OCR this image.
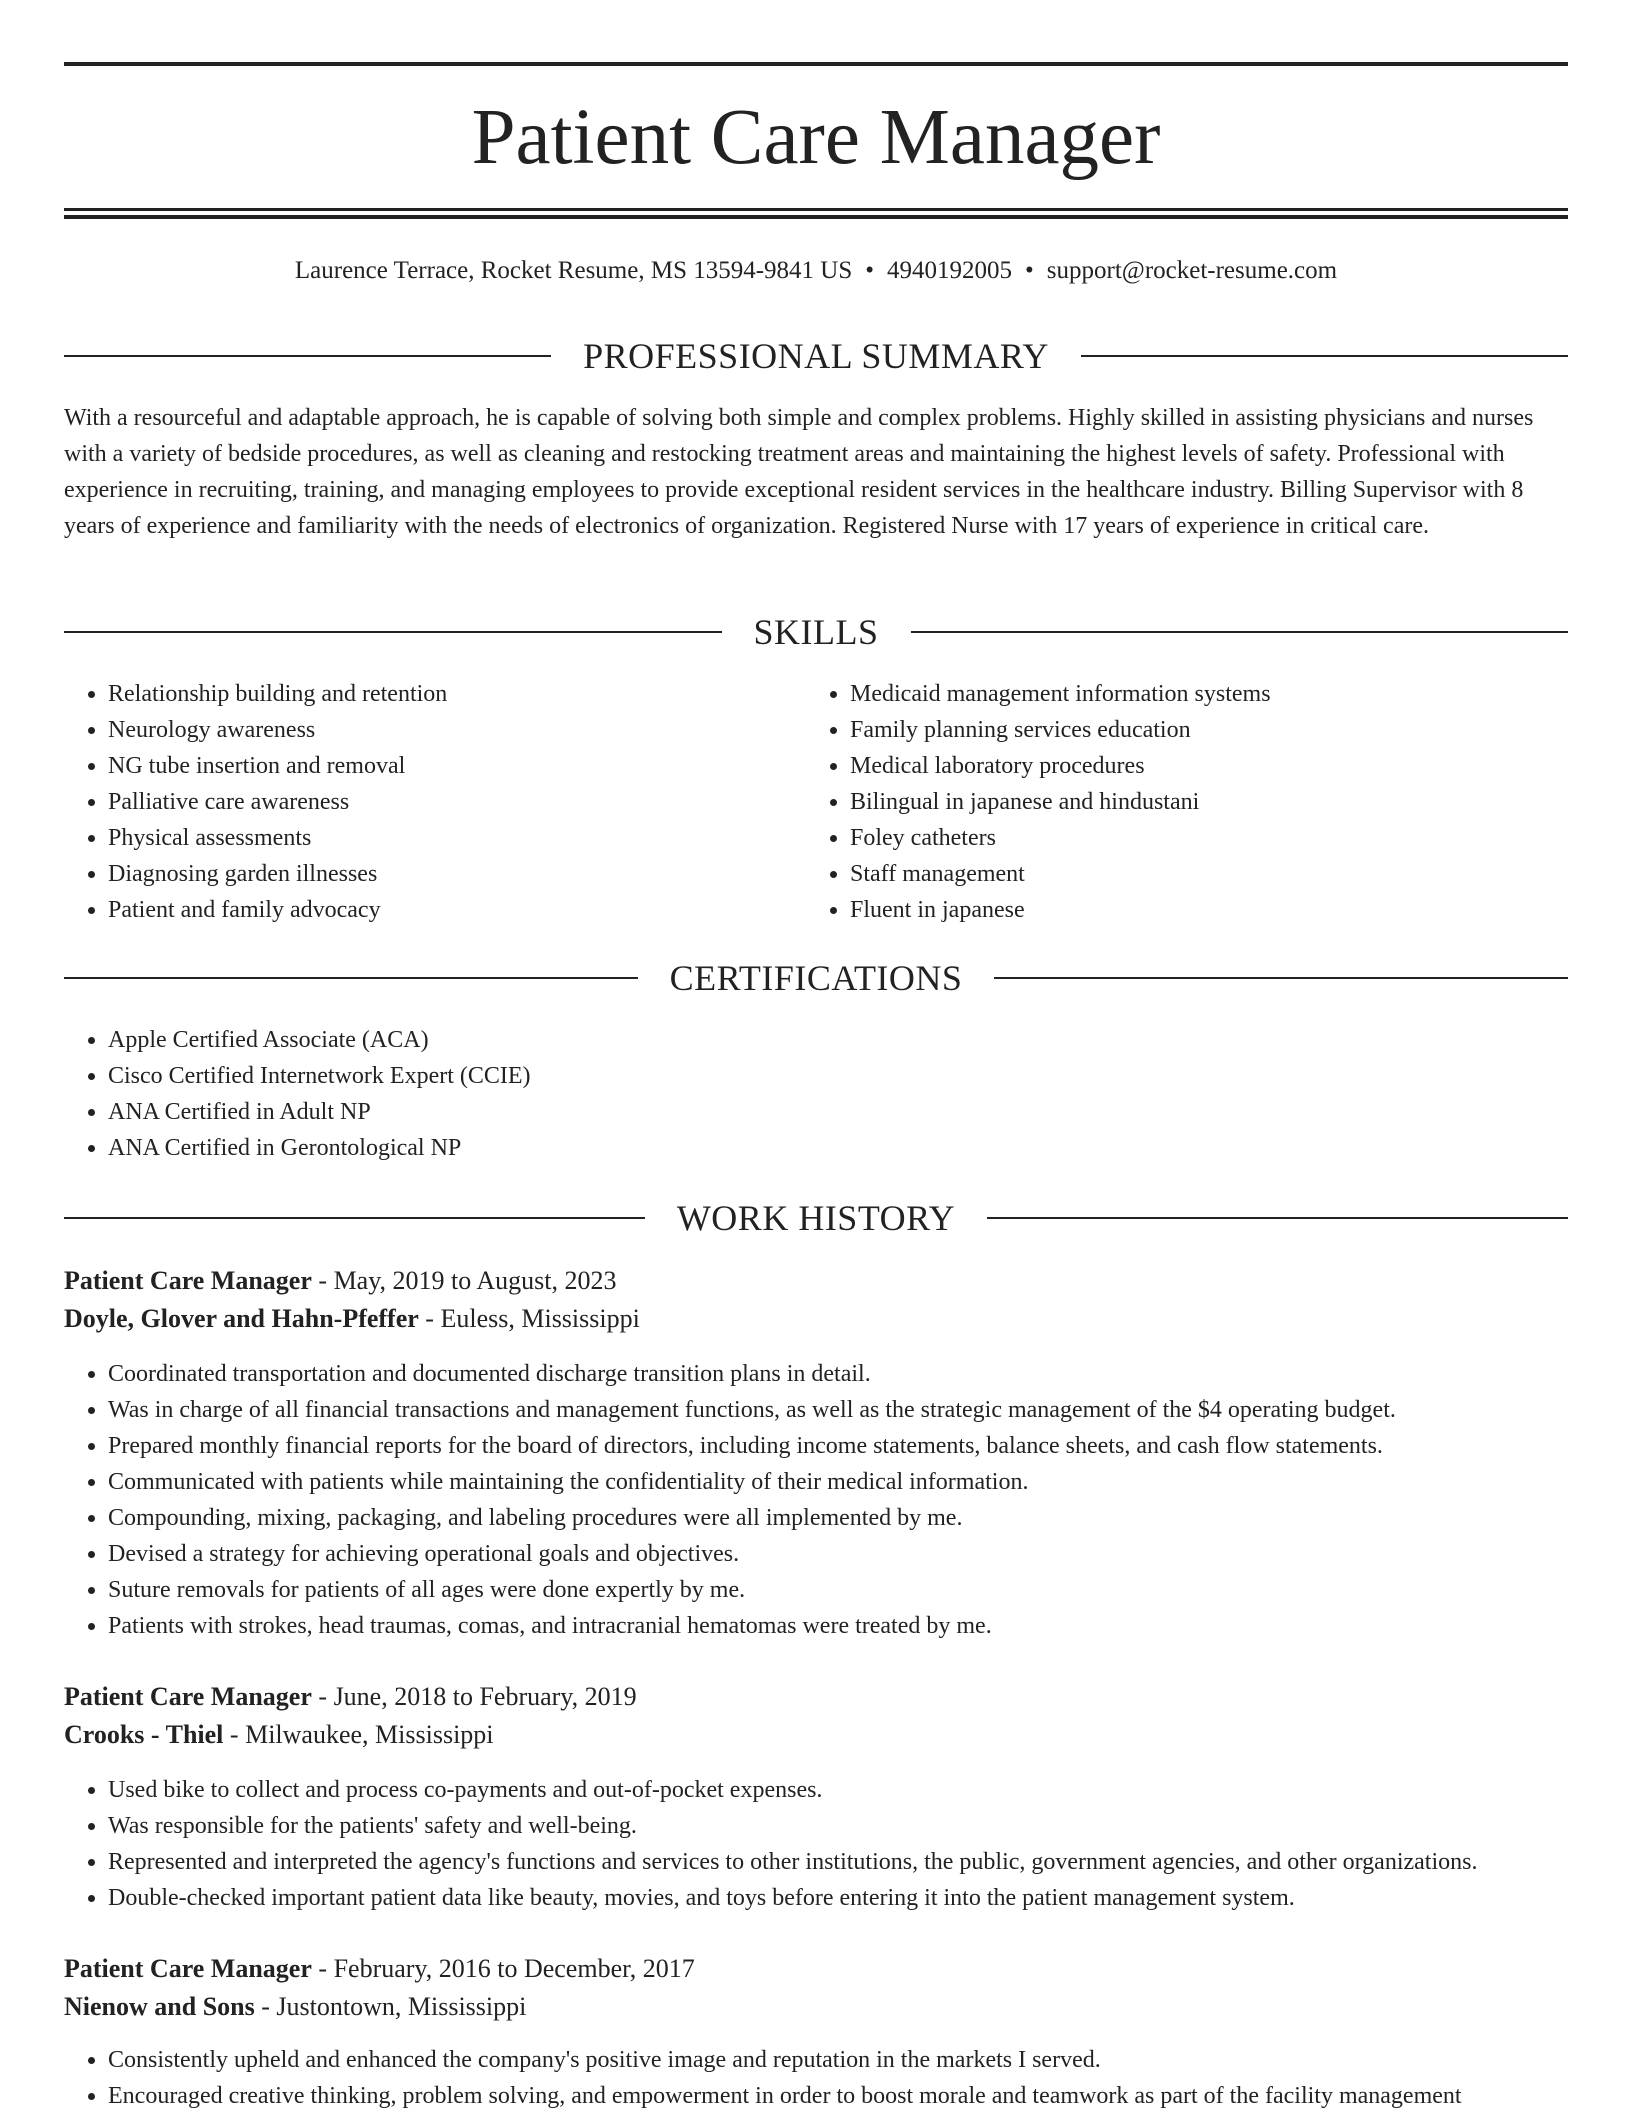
Patient Care Manager
Laurence Terrace, Rocket Resume, MS 13594-9841 US • 4940192005 • support@rocket-resume.com
PROFESSIONAL SUMMARY

With a resourceful and adaptable approach, he is capable of solving both simple and complex problems. Highly skilled in assisting physicians and nurses with a variety of bedside procedures, as well as cleaning and restocking treatment areas and maintaining the highest levels of safety. Professional with experience in recruiting, training, and managing employees to provide exceptional resident services in the healthcare industry. Billing Supervisor with 8 years of experience and familiarity with the needs of electronics of organization. Registered Nurse with 17 years of experience in critical care.

SKILLS
• Relationship building and retention
• Neurology awareness
• NG tube insertion and removal
• Palliative care awareness
• Physical assessments
• Diagnosing garden illnesses
• Patient and family advocacy
• Medicaid management information systems
• Family planning services education
• Medical laboratory procedures
• Bilingual in japanese and hindustani
• Foley catheters
• Staff management
• Fluent in japanese
CERTIFICATIONS
• Apple Certified Associate (ACA)
• Cisco Certified Internetwork Expert (CCIE)
• ANA Certified in Adult NP
• ANA Certified in Gerontological NP
WORK HISTORY
Patient Care Manager - May, 2019 to August, 2023
Doyle, Glover and Hahn-Pfeffer - Euless, Mississippi
• Coordinated transportation and documented discharge transition plans in detail.
• Was in charge of all financial transactions and management functions, as well as the strategic management of the $4 operating budget.
• Prepared monthly financial reports for the board of directors, including income statements, balance sheets, and cash flow statements.
• Communicated with patients while maintaining the confidentiality of their medical information.
• Compounding, mixing, packaging, and labeling procedures were all implemented by me.
• Devised a strategy for achieving operational goals and objectives.
• Suture removals for patients of all ages were done expertly by me.
• Patients with strokes, head traumas, comas, and intracranial hematomas were treated by me.
Patient Care Manager - June, 2018 to February, 2019
Crooks - Thiel - Milwaukee, Mississippi
• Used bike to collect and process co-payments and out-of-pocket expenses.
• Was responsible for the patients' safety and well-being.
• Represented and interpreted the agency's functions and services to other institutions, the public, government agencies, and other organizations.
• Double-checked important patient data like beauty, movies, and toys before entering it into the patient management system.
Patient Care Manager - February, 2016 to December, 2017
Nienow and Sons - Justontown, Mississippi
• Consistently upheld and enhanced the company's positive image and reputation in the markets I served.
• Encouraged creative thinking, problem solving, and empowerment in order to boost morale and teamwork as part of the facility management
